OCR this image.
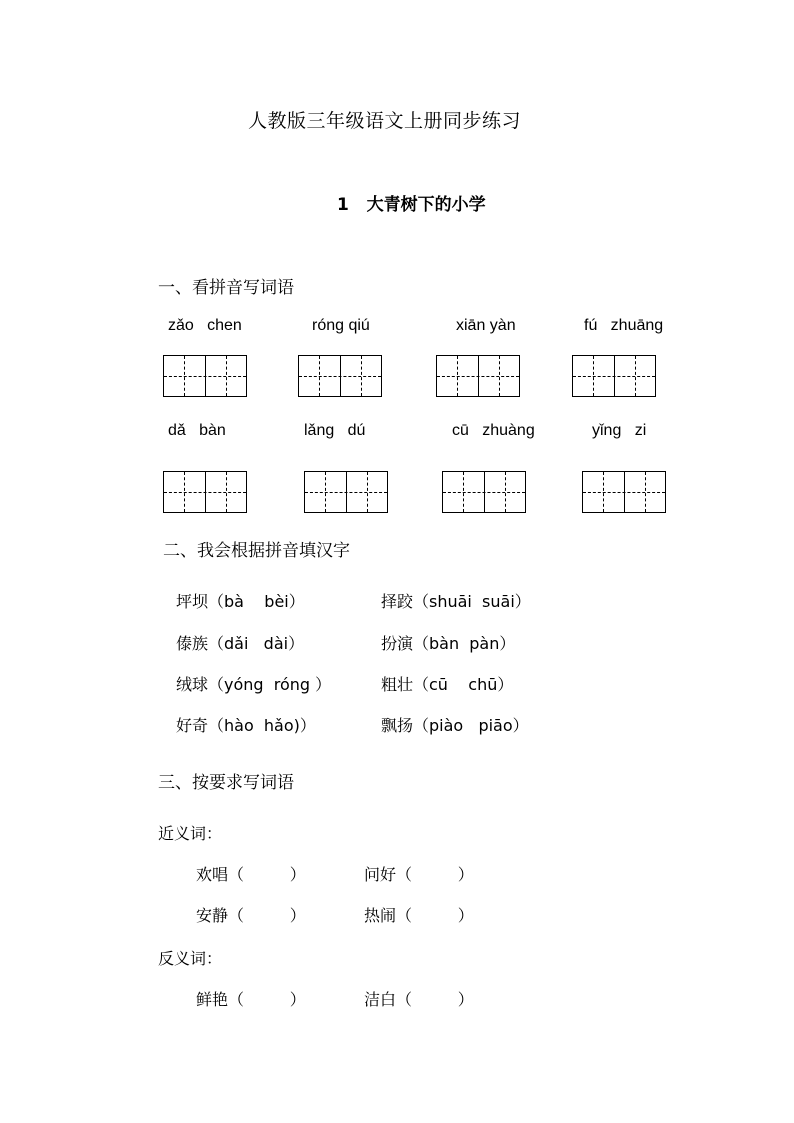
人教版三年级语文上册同步练习
1   大青树下的小学
一、看拼音写词语
zǎo   chen	róng qiú	xiān yàn	fú   zhuāng
dǎ   bàn	lǎng   dú	cū   zhuàng	yǐng   zi
二、我会根据拼音填汉字
坪坝（bà    bèi）	择跤（shuāi  suāi）
傣族（dǎi   dài）	扮演（bàn  pàn）
绒球（yóng  róng ）	粗壮（cū    chū）
好奇（hào  hǎo)）	飘扬（piào   piāo）
三、按要求写词语
近义词：
欢唱（         ）	问好（         ）
安静（         ）	热闹（         ）
反义词：
鲜艳（         ）	洁白（         ）
